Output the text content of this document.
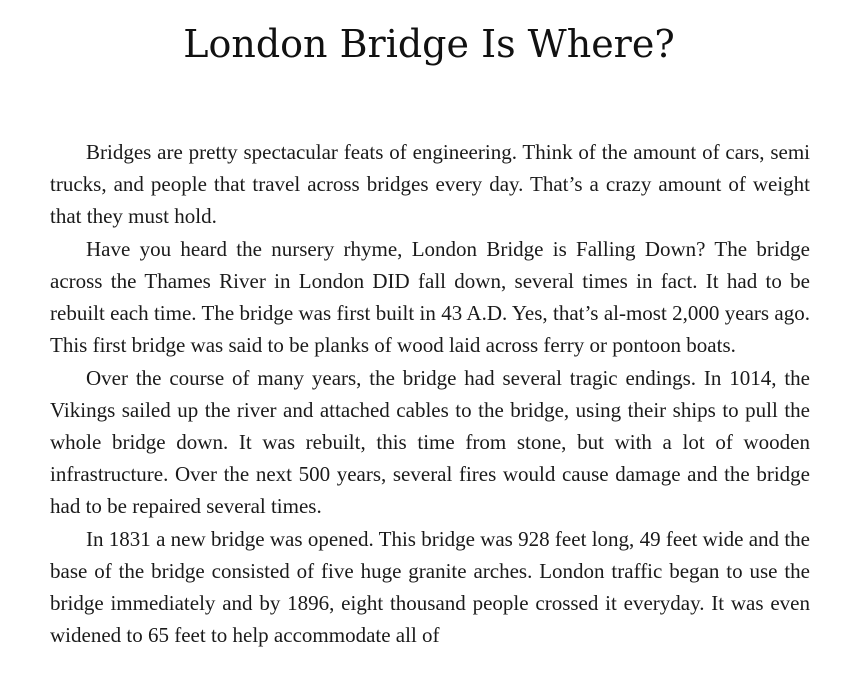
London Bridge Is Where?

Bridges are pretty spectacular feats of engineering. Think of the amount of cars, semi trucks, and people that travel across bridges every day. That’s a crazy amount of weight that they must hold.

Have you heard the nursery rhyme, London Bridge is Falling Down? The bridge across the Thames River in London DID fall down, several times in fact. It had to be rebuilt each time. The bridge was first built in 43 A.D. Yes, that’s al-most 2,000 years ago. This first bridge was said to be planks of wood laid across ferry or pontoon boats.

Over the course of many years, the bridge had several tragic endings. In 1014, the Vikings sailed up the river and attached cables to the bridge, using their ships to pull the whole bridge down. It was rebuilt, this time from stone, but with a lot of wooden infrastructure. Over the next 500 years, several fires would cause damage and the bridge had to be repaired several times.

In 1831 a new bridge was opened. This bridge was 928 feet long, 49 feet wide and the base of the bridge consisted of five huge granite arches. London traffic began to use the bridge immediately and by 1896, eight thousand people crossed it everyday. It was even widened to 65 feet to help accommodate all of
